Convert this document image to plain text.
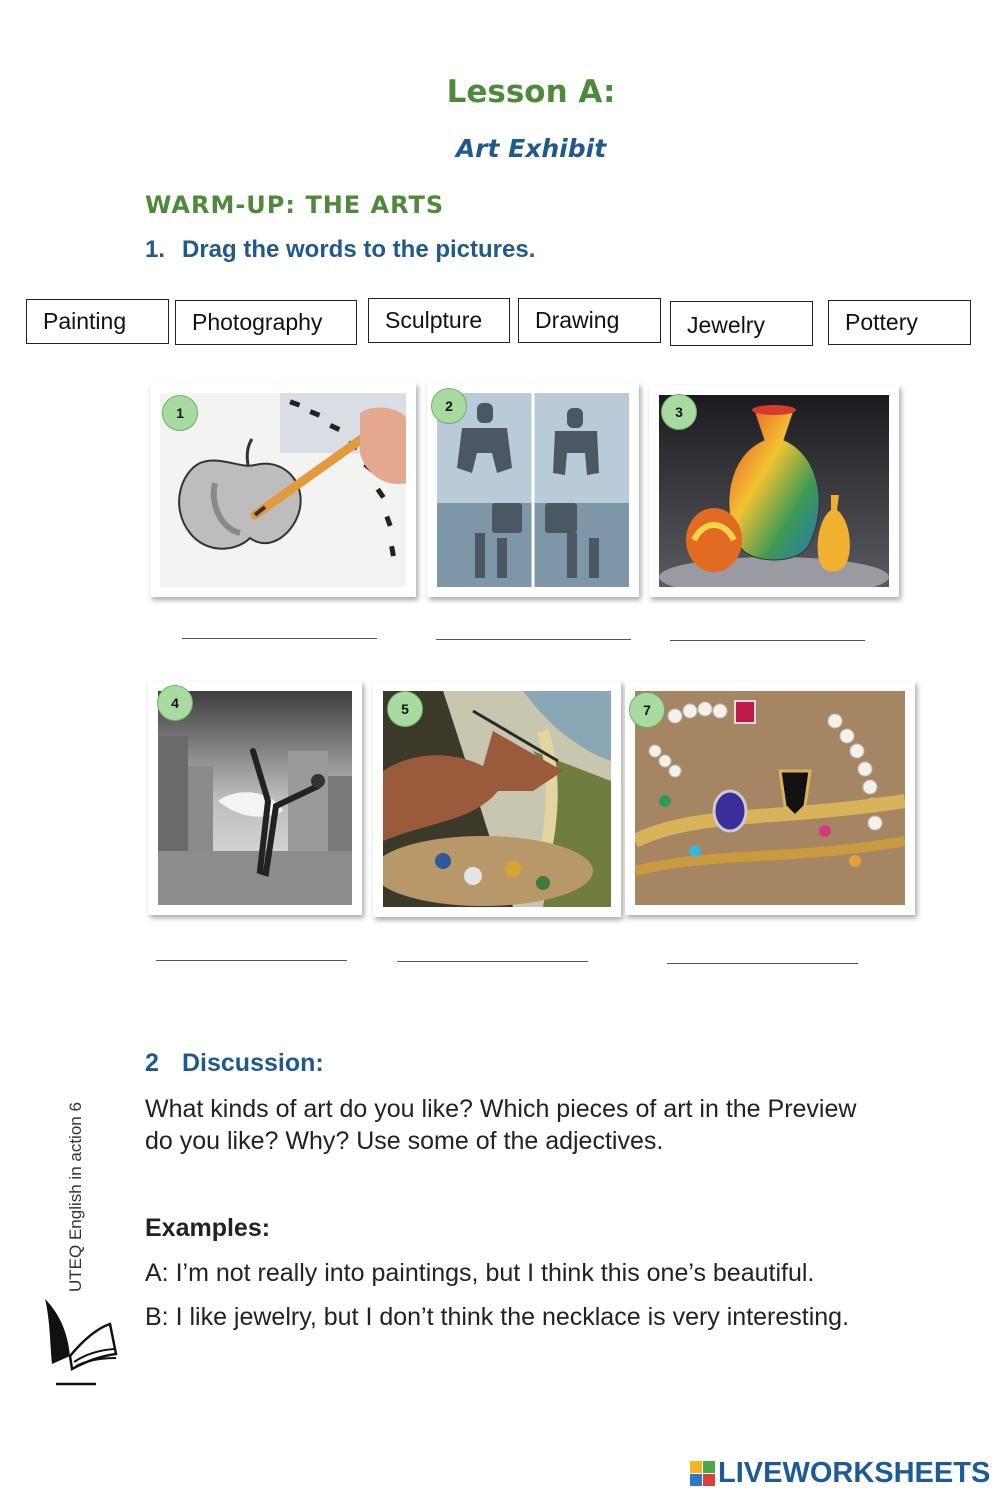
Lesson A:
Art Exhibit
WARM-UP: THE ARTS
1. Drag the words to the pictures.
Painting	Photography	Sculpture	Drawing	Jewelry	Pottery
1	2	3
4	5	7
2 Discussion:
What kinds of art do you like? Which pieces of art in the Preview
do you like? Why? Use some of the adjectives.
Examples:
A: I’m not really into paintings, but I think this one’s beautiful.
B: I like jewelry, but I don’t think the necklace is very interesting.
UTEQ English in action 6
LIVEWORKSHEETS
